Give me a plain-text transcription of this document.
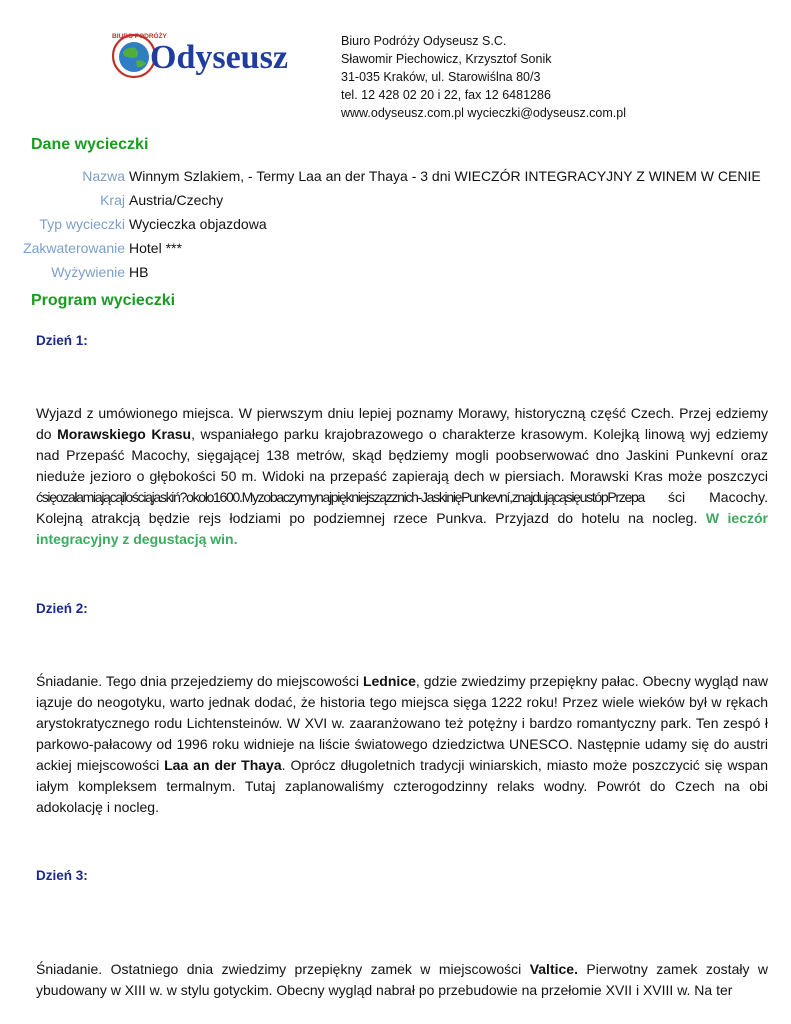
BIURO PODRÓŻY
Odyseusz	Biuro Podróży Odyseusz S.C.
Sławomir Piechowicz, Krzysztof Sonik
31-035 Kraków, ul. Starowiślna 80/3
tel. 12 428 02 20 i 22, fax 12 6481286
www.odyseusz.com.pl wycieczki@odyseusz.com.pl
Dane wycieczki
Nazwa Winnym Szlakiem, - Termy Laa an der Thaya - 3 dni WIECZÓR INTEGRACYJNY Z WINEM W CENIE
Kraj Austria/Czechy
Typ wycieczki Wycieczka objazdowa
Zakwaterowanie Hotel ***
Wyżywienie HB
Program wycieczki
Dzień 1:
Wyjazd z umówionego miejsca. W pierwszym dniu lepiej poznamy Morawy, historyczną część Czech. Przej edziemy do Morawskiego Krasu, wspaniałego parku krajobrazowego o charakterze krasowym. Kolejką linową wyj edziemy nad Przepaść Macochy, sięgającej 138 metrów, skąd będziemy mogli poobserwować dno Jaskini Punkevní oraz nieduże jezioro o głębokości 50 m. Widoki na przepaść zapierają dech w piersiach. Morawski Kras może poszczyci ćsięozałamiającąilościąjaskiń?około1600.Myzobaczymynajpiękniejszązznich-JaskinięPunkevní,znajdującąsięustópPrzepa ści Macochy. Kolejną atrakcją będzie rejs łodziami po podziemnej rzece Punkva. Przyjazd do hotelu na nocleg. W ieczór integracyjny z degustacją win.
Dzień 2:
Śniadanie. Tego dnia przejedziemy do miejscowości Lednice, gdzie zwiedzimy przepiękny pałac. Obecny wygląd naw iązuje do neogotyku, warto jednak dodać, że historia tego miejsca sięga 1222 roku! Przez wiele wieków był w rękach arystokratycznego rodu Lichtensteinów. W XVI w. zaaranżowano też potężny i bardzo romantyczny park. Ten zespó ł parkowo-pałacowy od 1996 roku widnieje na liście światowego dziedzictwa UNESCO. Następnie udamy się do austri ackiej miejscowości Laa an der Thaya. Oprócz długoletnich tradycji winiarskich, miasto może poszczycić się wspan iałym kompleksem termalnym. Tutaj zaplanowaliśmy czterogodzinny relaks wodny. Powrót do Czech na obi adokolację i nocleg.
Dzień 3:
Śniadanie. Ostatniego dnia zwiedzimy przepiękny zamek w miejscowości Valtice. Pierwotny zamek zostały w ybudowany w XIII w. w stylu gotyckim. Obecny wygląd nabrał po przebudowie na przełomie XVII i XVIII w. Na ter
